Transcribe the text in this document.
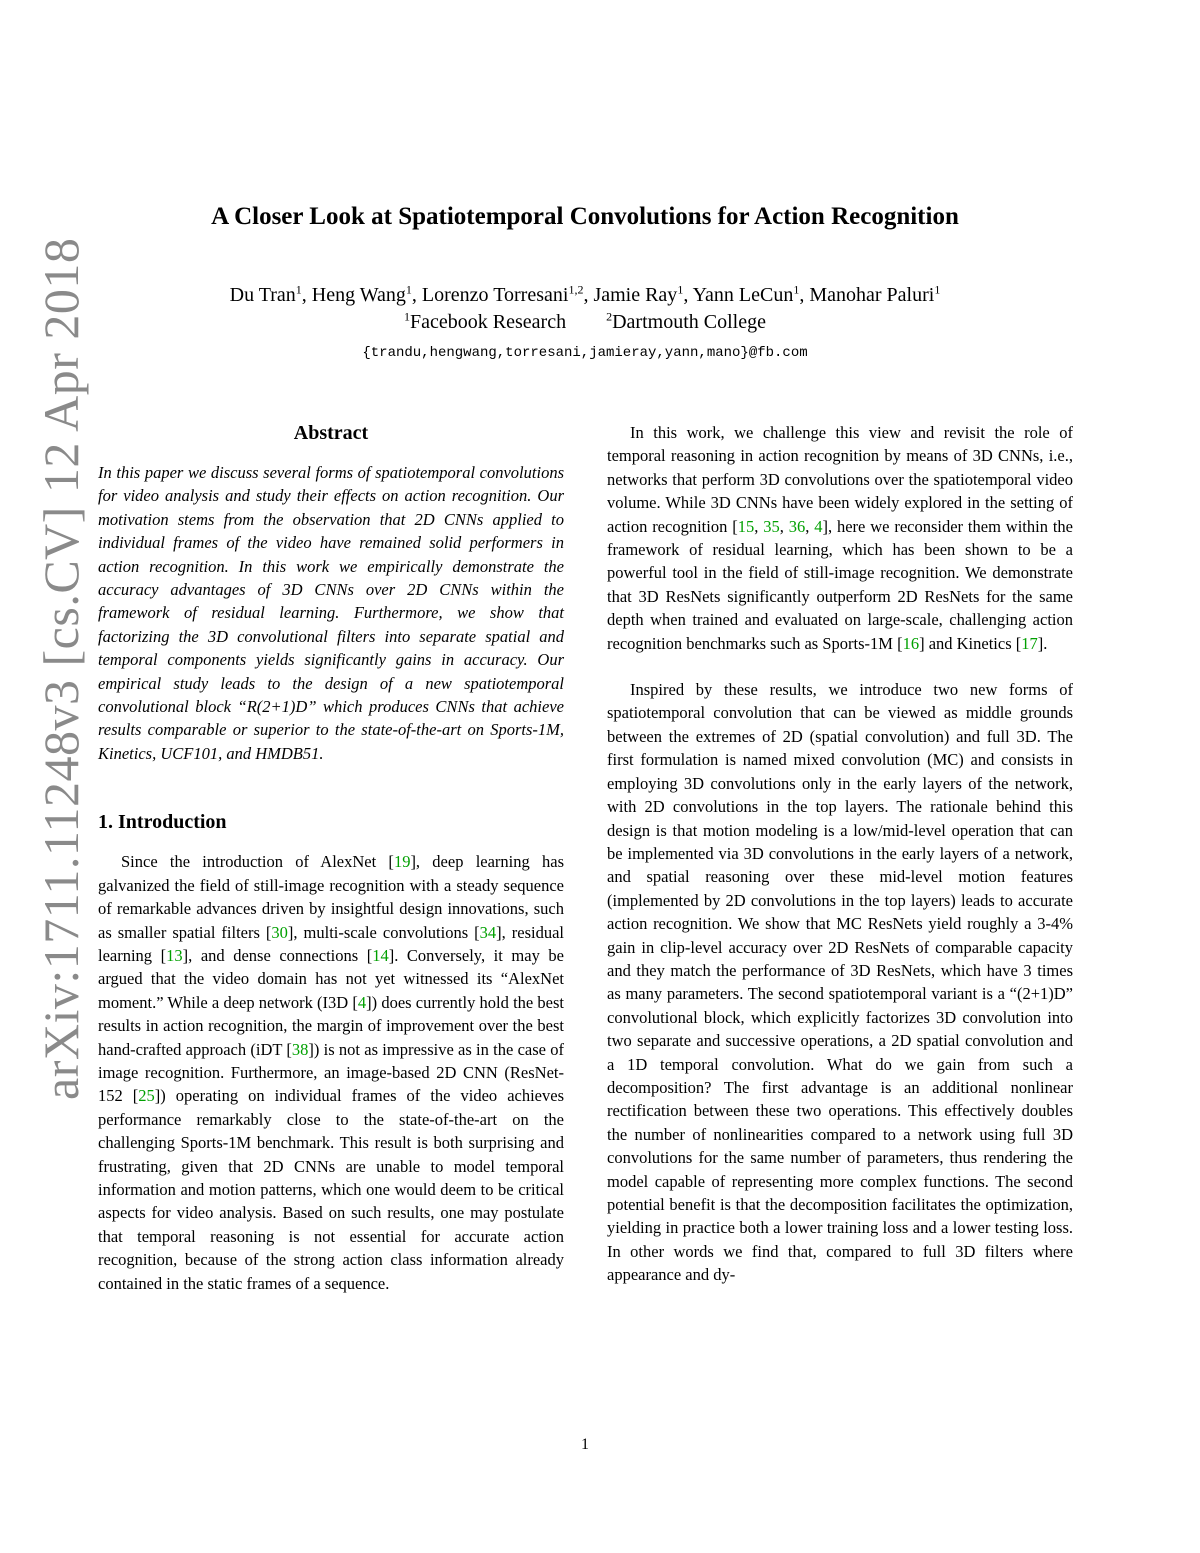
arXiv:1711.11248v3 [cs.CV] 12 Apr 2018
A Closer Look at Spatiotemporal Convolutions for Action Recognition
Du Tran$^1$, Heng Wang$^1$, Lorenzo Torresani$^{1,2}$, Jamie Ray$^1$, Yann LeCun$^1$, Manohar Paluri$^1$
$^1$Facebook Research	$^2$Dartmouth College
{trandu,hengwang,torresani,jamieray,yann,mano}@fb.com
Abstract

In this paper we discuss several forms of spatiotemporal convolutions for video analysis and study their effects on action recognition. Our motivation stems from the observation that 2D CNNs applied to individual frames of the video have remained solid performers in action recognition. In this work we empirically demonstrate the accuracy advantages of 3D CNNs over 2D CNNs within the framework of residual learning. Furthermore, we show that factorizing the 3D convolutional filters into separate spatial and temporal components yields significantly gains in accuracy. Our empirical study leads to the design of a new spatiotemporal convolutional block “R(2+1)D” which produces CNNs that achieve results comparable or superior to the state-of-the-art on Sports-1M, Kinetics, UCF101, and HMDB51.

1. Introduction

Since the introduction of AlexNet [19], deep learning has galvanized the field of still-image recognition with a steady sequence of remarkable advances driven by insightful design innovations, such as smaller spatial filters [30], multi-scale convolutions [34], residual learning [13], and dense connections [14]. Conversely, it may be argued that the video domain has not yet witnessed its “AlexNet moment.” While a deep network (I3D [4]) does currently hold the best results in action recognition, the margin of improvement over the best hand-crafted approach (iDT [38]) is not as impressive as in the case of image recognition. Furthermore, an image-based 2D CNN (ResNet-152 [25]) operating on individual frames of the video achieves performance remarkably close to the state-of-the-art on the challenging Sports-1M benchmark. This result is both surprising and frustrating, given that 2D CNNs are unable to model temporal information and motion patterns, which one would deem to be critical aspects for video analysis. Based on such results, one may postulate that temporal reasoning is not essential for accurate action recognition, because of the strong action class information already contained in the static frames of a sequence.

In this work, we challenge this view and revisit the role of temporal reasoning in action recognition by means of 3D CNNs, i.e., networks that perform 3D convolutions over the spatiotemporal video volume. While 3D CNNs have been widely explored in the setting of action recognition [15, 35, 36, 4], here we reconsider them within the framework of residual learning, which has been shown to be a powerful tool in the field of still-image recognition. We demonstrate that 3D ResNets significantly outperform 2D ResNets for the same depth when trained and evaluated on large-scale, challenging action recognition benchmarks such as Sports-1M [16] and Kinetics [17].

Inspired by these results, we introduce two new forms of spatiotemporal convolution that can be viewed as middle grounds between the extremes of 2D (spatial convolution) and full 3D. The first formulation is named mixed convolution (MC) and consists in employing 3D convolutions only in the early layers of the network, with 2D convolutions in the top layers. The rationale behind this design is that motion modeling is a low/mid-level operation that can be implemented via 3D convolutions in the early layers of a network, and spatial reasoning over these mid-level motion features (implemented by 2D convolutions in the top layers) leads to accurate action recognition. We show that MC ResNets yield roughly a 3-4% gain in clip-level accuracy over 2D ResNets of comparable capacity and they match the performance of 3D ResNets, which have 3 times as many parameters. The second spatiotemporal variant is a “(2+1)D” convolutional block, which explicitly factorizes 3D convolution into two separate and successive operations, a 2D spatial convolution and a 1D temporal convolution. What do we gain from such a decomposition? The first advantage is an additional nonlinear rectification between these two operations. This effectively doubles the number of nonlinearities compared to a network using full 3D convolutions for the same number of parameters, thus rendering the model capable of representing more complex functions. The second potential benefit is that the decomposition facilitates the optimization, yielding in practice both a lower training loss and a lower testing loss. In other words we find that, compared to full 3D filters where appearance and dy-

1
